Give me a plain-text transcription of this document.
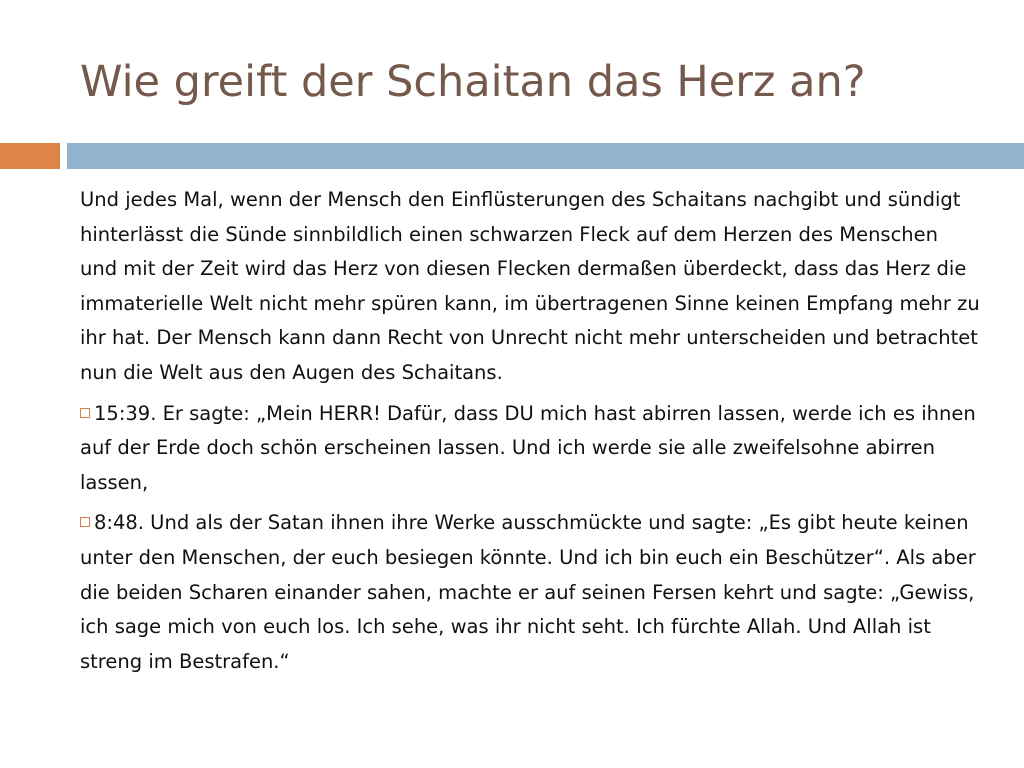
Wie greift der Schaitan das Herz an?

Und jedes Mal, wenn der Mensch den Einflüsterungen des Schaitans nachgibt und sündigt hinterlässt die Sünde sinnbildlich einen schwarzen Fleck auf dem Herzen des Menschen und mit der Zeit wird das Herz von diesen Flecken dermaßen überdeckt, dass das Herz die immaterielle Welt nicht mehr spüren kann, im übertragenen Sinne keinen Empfang mehr zu ihr hat. Der Mensch kann dann Recht von Unrecht nicht mehr unterscheiden und betrachtet nun die Welt aus den Augen des Schaitans.

15:39. Er sagte: „Mein HERR! Dafür, dass DU mich hast abirren lassen, werde ich es ihnen auf der Erde doch schön erscheinen lassen. Und ich werde sie alle zweifelsohne abirren lassen,

8:48. Und als der Satan ihnen ihre Werke ausschmückte und sagte: „Es gibt heute keinen unter den Menschen, der euch besiegen könnte. Und ich bin euch ein Beschützer“. Als aber die beiden Scharen einander sahen, machte er auf seinen Fersen kehrt und sagte: „Gewiss, ich sage mich von euch los. Ich sehe, was ihr nicht seht. Ich fürchte Allah. Und Allah ist streng im Bestrafen.“
